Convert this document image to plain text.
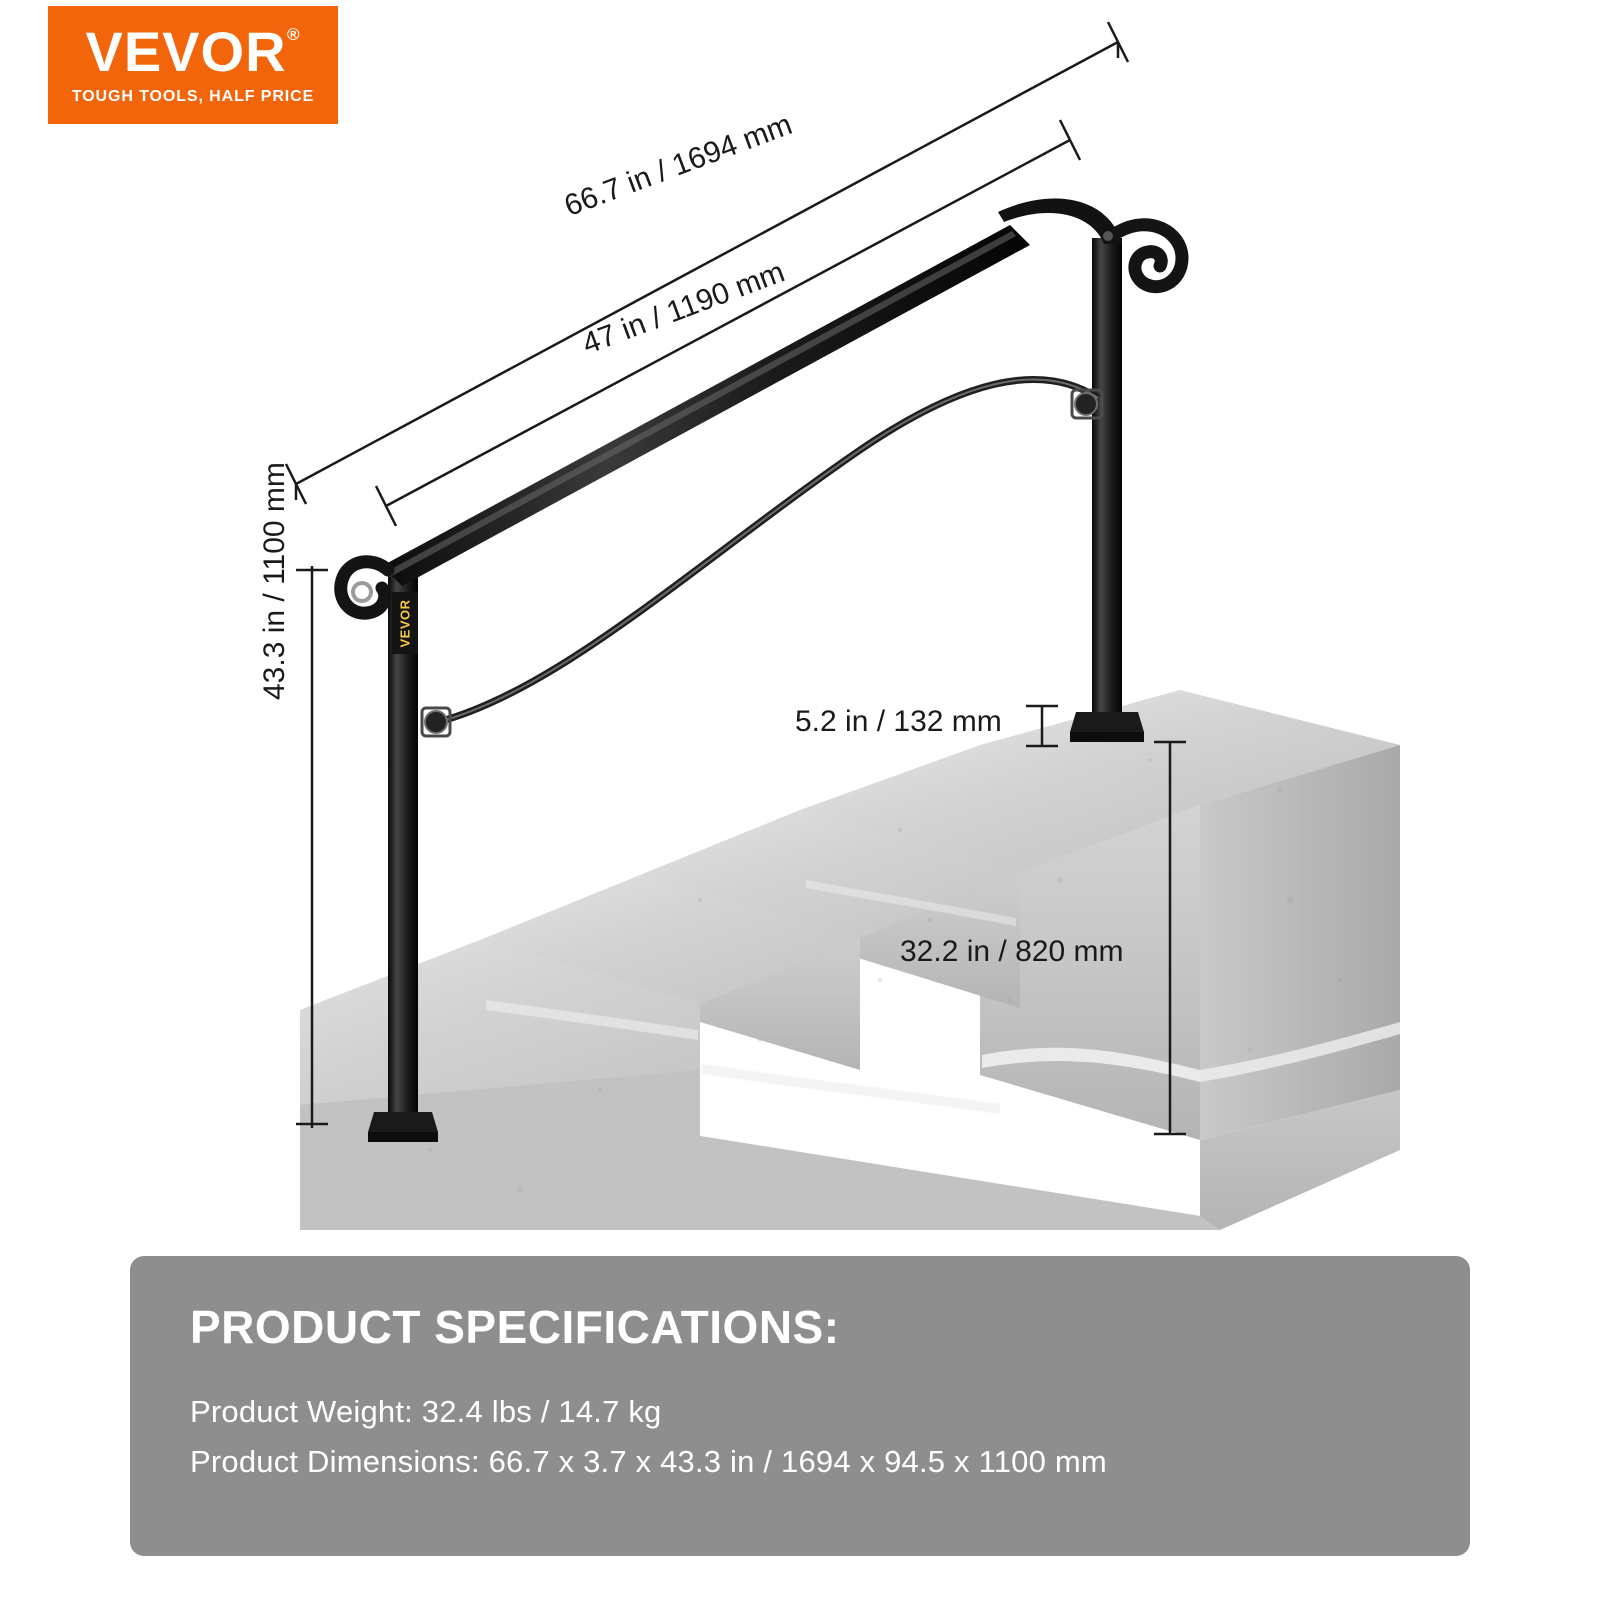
VEVOR ®
TOUGH TOOLS, HALF PRICE
VEVOR
66.7 in / 1694 mm
47 in / 1190 mm
43.3 in / 1100 mm
5.2 in / 132 mm
32.2 in / 820 mm
PRODUCT SPECIFICATIONS:
Product Weight: 32.4 lbs / 14.7 kg
Product Dimensions: 66.7 x 3.7 x 43.3 in / 1694 x 94.5 x 1100 mm
